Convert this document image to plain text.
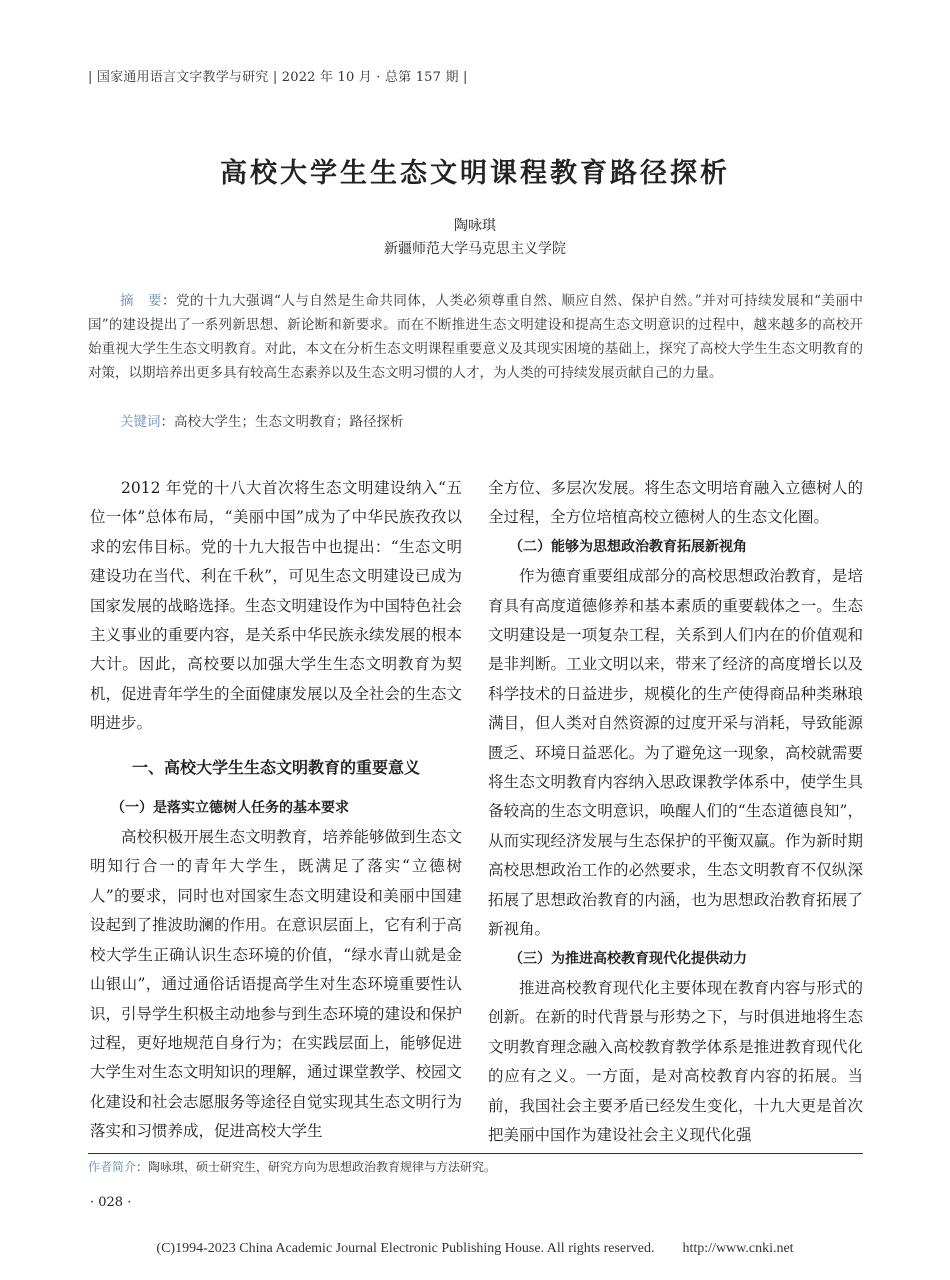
| 国家通用语言文字教学与研究 | 2022 年 10 月 · 总第 157 期 |
高校大学生生态文明课程教育路径探析
陶咏琪
新疆师范大学马克思主义学院
摘　要：党的十九大强调“人与自然是生命共同体，人类必须尊重自然、顺应自然、保护自然。”并对可持续发展和“美丽中国”的建设提出了一系列新思想、新论断和新要求。而在不断推进生态文明建设和提高生态文明意识的过程中，越来越多的高校开始重视大学生生态文明教育。对此，本文在分析生态文明课程重要意义及其现实困境的基础上，探究了高校大学生生态文明教育的对策，以期培养出更多具有较高生态素养以及生态文明习惯的人才，为人类的可持续发展贡献自己的力量。
关键词：高校大学生；生态文明教育；路径探析

2012 年党的十八大首次将生态文明建设纳入“五位一体”总体布局，“美丽中国”成为了中华民族孜孜以求的宏伟目标。党的十九大报告中也提出：“生态文明建设功在当代、利在千秋”，可见生态文明建设已成为国家发展的战略选择。生态文明建设作为中国特色社会主义事业的重要内容，是关系中华民族永续发展的根本大计。因此，高校要以加强大学生生态文明教育为契机，促进青年学生的全面健康发展以及全社会的生态文明进步。

一、高校大学生生态文明教育的重要意义
（一）是落实立德树人任务的基本要求

高校积极开展生态文明教育，培养能够做到生态文明知行合一的青年大学生，既满足了落实“立德树人”的要求，同时也对国家生态文明建设和美丽中国建设起到了推波助澜的作用。在意识层面上，它有利于高校大学生正确认识生态环境的价值，“绿水青山就是金山银山”，通过通俗话语提高学生对生态环境重要性认识，引导学生积极主动地参与到生态环境的建设和保护过程，更好地规范自身行为；在实践层面上，能够促进大学生对生态文明知识的理解，通过课堂教学、校园文化建设和社会志愿服务等途径自觉实现其生态文明行为落实和习惯养成，促进高校大学生

全方位、多层次发展。将生态文明培育融入立德树人的全过程，全方位培植高校立德树人的生态文化圈。

（二）能够为思想政治教育拓展新视角

作为德育重要组成部分的高校思想政治教育，是培育具有高度道德修养和基本素质的重要载体之一。生态文明建设是一项复杂工程，关系到人们内在的价值观和是非判断。工业文明以来，带来了经济的高度增长以及科学技术的日益进步，规模化的生产使得商品种类琳琅满目，但人类对自然资源的过度开采与消耗，导致能源匮乏、环境日益恶化。为了避免这一现象，高校就需要将生态文明教育内容纳入思政课教学体系中，使学生具备较高的生态文明意识，唤醒人们的“生态道德良知”，从而实现经济发展与生态保护的平衡双赢。作为新时期高校思想政治工作的必然要求，生态文明教育不仅纵深拓展了思想政治教育的内涵，也为思想政治教育拓展了新视角。

（三）为推进高校教育现代化提供动力

推进高校教育现代化主要体现在教育内容与形式的创新。在新的时代背景与形势之下，与时俱进地将生态文明教育理念融入高校教育教学体系是推进教育现代化的应有之义。一方面，是对高校教育内容的拓展。当前，我国社会主要矛盾已经发生变化，十九大更是首次把美丽中国作为建设社会主义现代化强

作者简介：陶咏琪，硕士研究生，研究方向为思想政治教育规律与方法研究。
· 028 ·
(C)1994-2023 China Academic Journal Electronic Publishing House. All rights reserved.　　http://www.cnki.net
